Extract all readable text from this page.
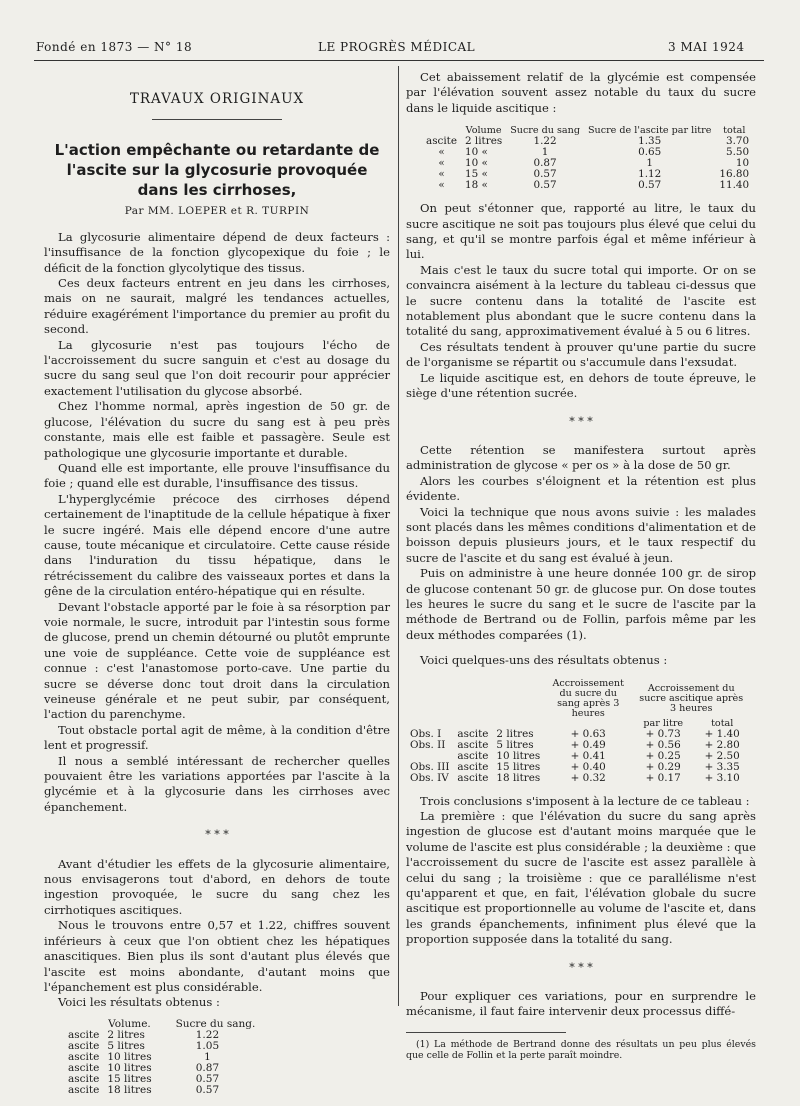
Fondé en 1873 — N° 18	LE PROGRÈS MÉDICAL	3 MAI 1924
TRAVAUX ORIGINAUX
L'action empêchante ou retardante de l'ascite sur la glycosurie provoquée dans les cirrhoses,
Par MM. LOEPER et R. TURPIN

La glycosurie alimentaire dépend de deux facteurs : l'insuffisance de la fonction glycopexique du foie ; le déficit de la fonction glycolytique des tissus.

Ces deux facteurs entrent en jeu dans les cirrhoses, mais on ne saurait, malgré les tendances actuelles, réduire exagérément l'importance du premier au profit du second.

La glycosurie n'est pas toujours l'écho de l'accroissement du sucre sanguin et c'est au dosage du sucre du sang seul que l'on doit recourir pour apprécier exactement l'utilisation du glycose absorbé.

Chez l'homme normal, après ingestion de 50 gr. de glucose, l'élévation du sucre du sang est à peu près constante, mais elle est faible et passagère. Seule est pathologique une glycosurie importante et durable.

Quand elle est importante, elle prouve l'insuffisance du foie ; quand elle est durable, l'insuffisance des tissus.

L'hyperglycémie précoce des cirrhoses dépend certainement de l'inaptitude de la cellule hépatique à fixer le sucre ingéré. Mais elle dépend encore d'une autre cause, toute mécanique et circulatoire. Cette cause réside dans l'induration du tissu hépatique, dans le rétrécissement du calibre des vaisseaux portes et dans la gêne de la circulation entéro-hépatique qui en résulte.

Devant l'obstacle apporté par le foie à sa résorption par voie normale, le sucre, introduit par l'intestin sous forme de glucose, prend un chemin détourné ou plutôt emprunte une voie de suppléance. Cette voie de suppléance est connue : c'est l'anastomose porto-cave. Une partie du sucre se déverse donc tout droit dans la circulation veineuse générale et ne peut subir, par conséquent, l'action du parenchyme.

Tout obstacle portal agit de même, à la condition d'être lent et progressif.

Il nous a semblé intéressant de rechercher quelles pouvaient être les variations apportées par l'ascite à la glycémie et à la glycosurie dans les cirrhoses avec épanchement.

* * *

Avant d'étudier les effets de la glycosurie alimentaire, nous envisagerons tout d'abord, en dehors de toute ingestion provoquée, le sucre du sang chez les cirrhotiques ascitiques.

Nous le trouvons entre 0,57 et 1.22, chiffres souvent inférieurs à ceux que l'on obtient chez les hépatiques anascitiques. Bien plus ils sont d'autant plus élevés que l'ascite est moins abondante, d'autant moins que l'épanchement est plus considérable.

Voici les résultats obtenus :

	Volume.	Sucre du sang.
ascite	2 litres	1.22
ascite	5 litres	1.05
ascite	10 litres	1
ascite	10 litres	0.87
ascite	15 litres	0.57
ascite	18 litres	0.57

Cet abaissement relatif de la glycémie est compensée par l'élévation souvent assez notable du taux du sucre dans le liquide ascitique :

	Volume	Sucre du sang	Sucre de l'ascite par litre	total
ascite	2 litres	1.22	1.35	3.70
«	10 «	1	0.65	5.50
«	10 «	0.87	1	10
«	15 «	0.57	1.12	16.80
«	18 «	0.57	0.57	11.40

On peut s'étonner que, rapporté au litre, le taux du sucre ascitique ne soit pas toujours plus élevé que celui du sang, et qu'il se montre parfois égal et même inférieur à lui.

Mais c'est le taux du sucre total qui importe. Or on se convaincra aisément à la lecture du tableau ci-dessus que le sucre contenu dans la totalité de l'ascite est notablement plus abondant que le sucre contenu dans la totalité du sang, approximativement évalué à 5 ou 6 litres.

Ces résultats tendent à prouver qu'une partie du sucre de l'organisme se répartit ou s'accumule dans l'exsudat.

Le liquide ascitique est, en dehors de toute épreuve, le siège d'une rétention sucrée.

* * *

Cette rétention se manifestera surtout après administration de glycose « per os » à la dose de 50 gr.

Alors les courbes s'éloignent et la rétention est plus évidente.

Voici la technique que nous avons suivie : les malades sont placés dans les mêmes conditions d'alimentation et de boisson depuis plusieurs jours, et le taux respectif du sucre de l'ascite et du sang est évalué à jeun.

Puis on administre à une heure donnée 100 gr. de sirop de glucose contenant 50 gr. de glucose pur. On dose toutes les heures le sucre du sang et le sucre de l'ascite par la méthode de Bertrand ou de Follin, parfois même par les deux méthodes comparées (1).

Voici quelques-uns des résultats obtenus :

			Accroissement du sucre du sang après 3 heures	Accroissement du sucre ascitique après 3 heures	
				par litre	total
Obs. I	ascite	2 litres	+ 0.63	+ 0.73	+ 1.40
Obs. II	ascite	5 litres	+ 0.49	+ 0.56	+ 2.80
	ascite	10 litres	+ 0.41	+ 0.25	+ 2.50
Obs. III	ascite	15 litres	+ 0.40	+ 0.29	+ 3.35
Obs. IV	ascite	18 litres	+ 0.32	+ 0.17	+ 3.10

Trois conclusions s'imposent à la lecture de ce tableau :

La première : que l'élévation du sucre du sang après ingestion de glucose est d'autant moins marquée que le volume de l'ascite est plus considérable ; la deuxième : que l'accroissement du sucre de l'ascite est assez parallèle à celui du sang ; la troisième : que ce parallélisme n'est qu'apparent et que, en fait, l'élévation globale du sucre ascitique est proportionnelle au volume de l'ascite et, dans les grands épanchements, infiniment plus élevé que la proportion supposée dans la totalité du sang.

* * *

Pour expliquer ces variations, pour en surprendre le mécanisme, il faut faire intervenir deux processus diffé-

(1) La méthode de Bertrand donne des résultats un peu plus élevés que celle de Follin et la perte paraît moindre.
